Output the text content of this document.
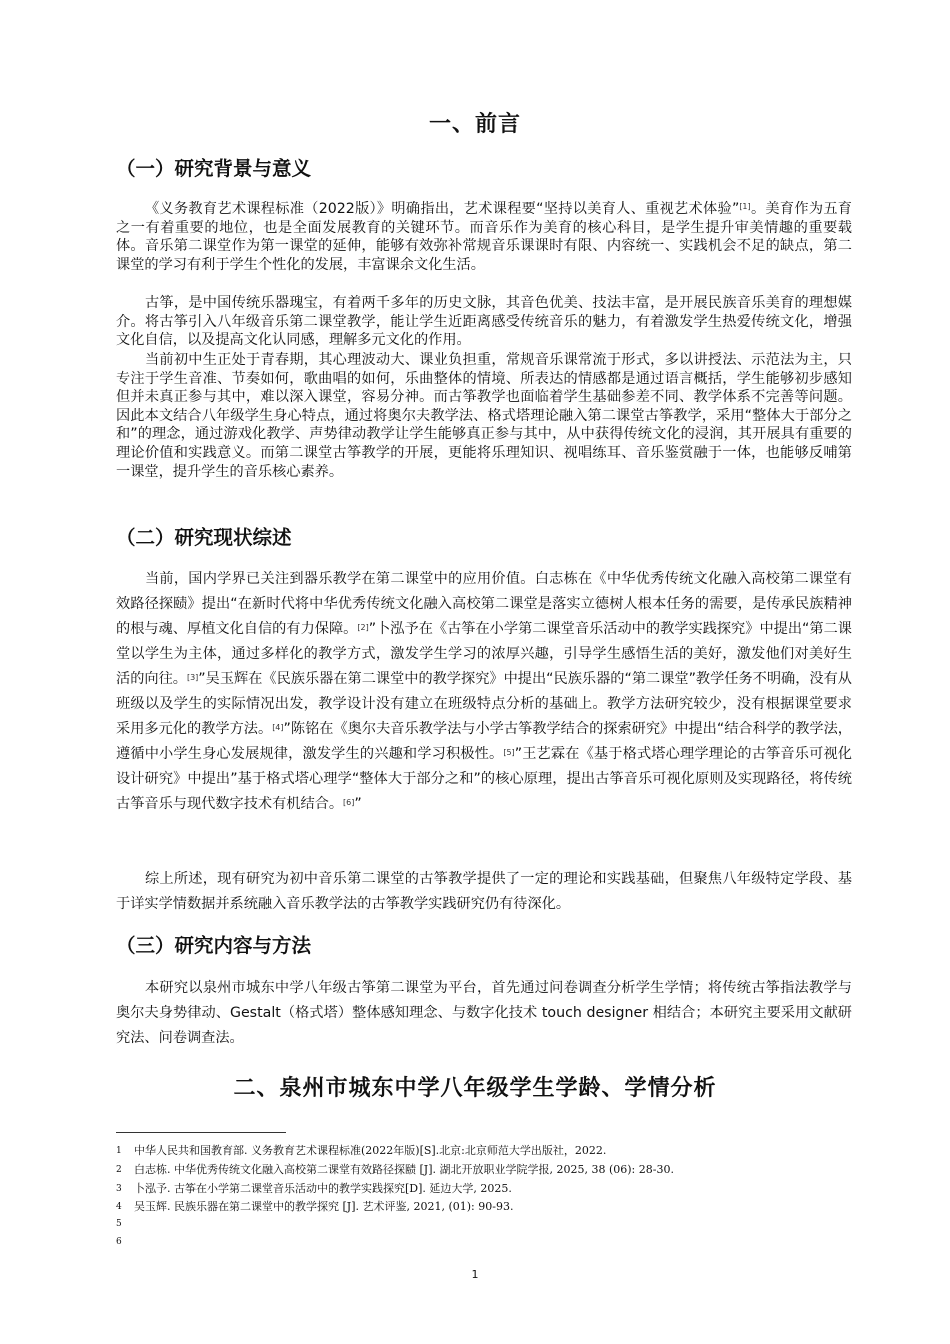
一、前言
（一）研究背景与意义

《义务教育艺术课程标准（2022版）》明确指出，艺术课程要“坚持以美育人、重视艺术体验”[1]。美育作为五育之一有着重要的地位，也是全面发展教育的关键环节。而音乐作为美育的核心科目，是学生提升审美情趣的重要载体。音乐第二课堂作为第一课堂的延伸，能够有效弥补常规音乐课课时有限、内容统一、实践机会不足的缺点，第二课堂的学习有利于学生个性化的发展，丰富课余文化生活。

古筝，是中国传统乐器瑰宝，有着两千多年的历史文脉，其音色优美、技法丰富，是开展民族音乐美育的理想媒介。将古筝引入八年级音乐第二课堂教学，能让学生近距离感受传统音乐的魅力，有着激发学生热爱传统文化，增强文化自信，以及提高文化认同感，理解多元文化的作用。

当前初中生正处于青春期，其心理波动大、课业负担重，常规音乐课常流于形式，多以讲授法、示范法为主，只专注于学生音准、节奏如何，歌曲唱的如何，乐曲整体的情境、所表达的情感都是通过语言概括，学生能够初步感知但并未真正参与其中，难以深入课堂，容易分神。而古筝教学也面临着学生基础参差不同、教学体系不完善等问题。因此本文结合八年级学生身心特点，通过将奥尔夫教学法、格式塔理论融入第二课堂古筝教学，采用“整体大于部分之和”的理念，通过游戏化教学、声势律动教学让学生能够真正参与其中，从中获得传统文化的浸润，其开展具有重要的理论价值和实践意义。而第二课堂古筝教学的开展，更能将乐理知识、视唱练耳、音乐鉴赏融于一体，也能够反哺第一课堂，提升学生的音乐核心素养。

（二）研究现状综述

当前，国内学界已关注到器乐教学在第二课堂中的应用价值。白志栋在《中华优秀传统文化融入高校第二课堂有效路径探赜》提出“在新时代将中华优秀传统文化融入高校第二课堂是落实立德树人根本任务的需要，是传承民族精神的根与魂、厚植文化自信的有力保障。[2]”卜泓予在《古筝在小学第二课堂音乐活动中的教学实践探究》中提出“第二课堂以学生为主体，通过多样化的教学方式，激发学生学习的浓厚兴趣，引导学生感悟生活的美好，激发他们对美好生活的向往。[3]”吴玉辉在《民族乐器在第二课堂中的教学探究》中提出“民族乐器的“第二课堂”教学任务不明确，没有从班级以及学生的实际情况出发，教学设计没有建立在班级特点分析的基础上。教学方法研究较少，没有根据课堂要求采用多元化的教学方法。[4]”陈铭在《奥尔夫音乐教学法与小学古筝教学结合的探索研究》中提出“结合科学的教学法，遵循中小学生身心发展规律，激发学生的兴趣和学习积极性。[5]”王艺霖在《基于格式塔心理学理论的古筝音乐可视化设计研究》中提出”基于格式塔心理学“整体大于部分之和”的核心原理，提出古筝音乐可视化原则及实现路径，将传统古筝音乐与现代数字技术有机结合。[6]”

综上所述，现有研究为初中音乐第二课堂的古筝教学提供了一定的理论和实践基础，但聚焦八年级特定学段、基于详实学情数据并系统融入音乐教学法的古筝教学实践研究仍有待深化。

（三）研究内容与方法

本研究以泉州市城东中学八年级古筝第二课堂为平台，首先通过问卷调查分析学生学情；将传统古筝指法教学与奥尔夫身势律动、Gestalt（格式塔）整体感知理念、与数字化技术 touch designer 相结合；本研究主要采用文献研究法、问卷调查法。

二、泉州市城东中学八年级学生学龄、学情分析
1 中华人民共和国教育部. 义务教育艺术课程标准(2022年版)[S].北京:北京师范大学出版社，2022.
2 白志栋. 中华优秀传统文化融入高校第二课堂有效路径探赜 [J]. 湖北开放职业学院学报, 2025, 38 (06): 28-30.
3 卜泓予. 古筝在小学第二课堂音乐活动中的教学实践探究[D]. 延边大学, 2025.
4 吴玉辉. 民族乐器在第二课堂中的教学探究 [J]. 艺术评鉴, 2021, (01): 90-93.
5
6
1
